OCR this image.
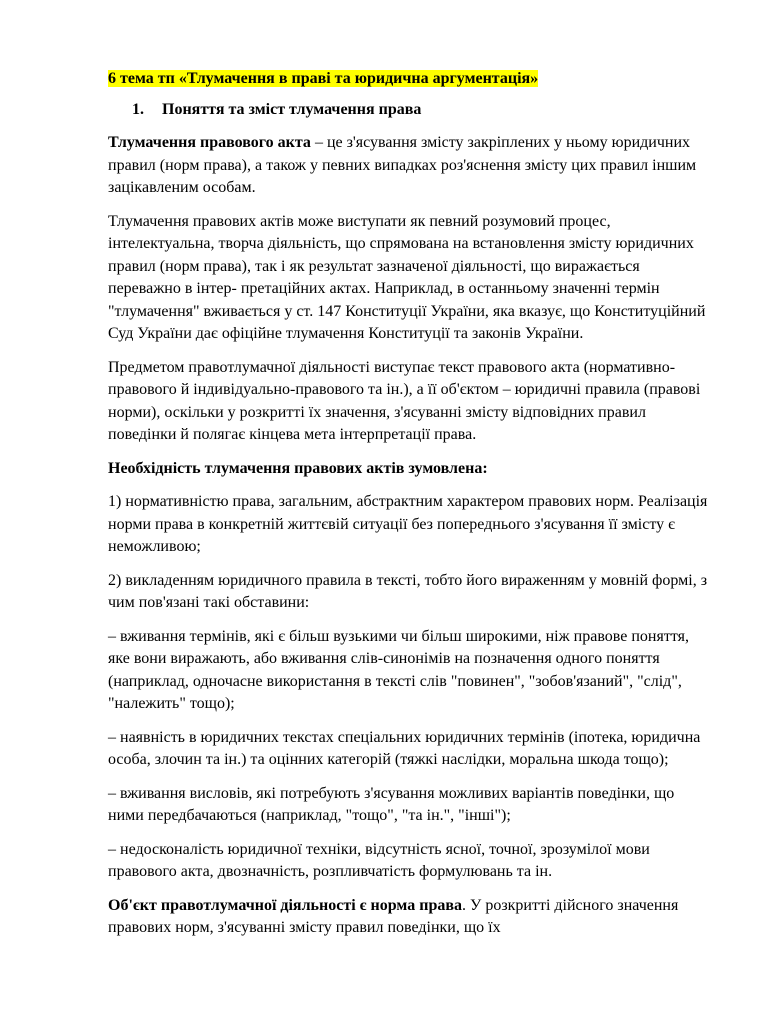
6 тема тп «Тлумачення в праві та юридична аргументація»

1. Поняття та зміст тлумачення права

Тлумачення правового акта – це з'ясування змісту закріплених у ньому юридичних правил (норм права), а також у певних випадках роз'яснення змісту цих правил іншим зацікавленим особам.

Тлумачення правових актів може виступати як певний розумовий процес, інтелектуальна, творча діяльність, що спрямована на встановлення змісту юридичних правил (норм права), так і як результат зазначеної діяльності, що виражається переважно в інтер- претаційних актах. Наприклад, в останньому значенні термін "тлумачення" вживається у ст. 147 Конституції України, яка вказує, що Конституційний Суд України дає офіційне тлумачення Конституції та законів України.

Предметом правотлумачної діяльності виступає текст правового акта (нормативно-правового й індивідуально-правового та ін.), а її об'єктом – юридичні правила (правові норми), оскільки у розкритті їх значення, з'ясуванні змісту відповідних правил поведінки й полягає кінцева мета інтерпретації права.

Необхідність тлумачення правових актів зумовлена:

1) нормативністю права, загальним, абстрактним характером правових норм. Реалізація норми права в конкретній життєвій ситуації без попереднього з'ясування її змісту є неможливою;

2) викладенням юридичного правила в тексті, тобто його вираженням у мовній формі, з чим пов'язані такі обставини:

– вживання термінів, які є більш вузькими чи більш широкими, ніж правове поняття, яке вони виражають, або вживання слів-синонімів на позначення одного поняття (наприклад, одночасне використання в тексті слів "повинен", "зобов'язаний", "слід", "належить" тощо);

– наявність в юридичних текстах спеціальних юридичних термінів (іпотека, юридична особа, злочин та ін.) та оцінних категорій (тяжкі наслідки, моральна шкода тощо);

– вживання висловів, які потребують з'ясування можливих варіантів поведінки, що ними передбачаються (наприклад, "тощо", "та ін.", "інші");

– недосконалість юридичної техніки, відсутність ясної, точної, зрозумілої мови правового акта, двозначність, розпливчатість формулювань та ін.

Об'єкт правотлумачної діяльності є норма права. У розкритті дійсного значення правових норм, з'ясуванні змісту правил поведінки, що їх
